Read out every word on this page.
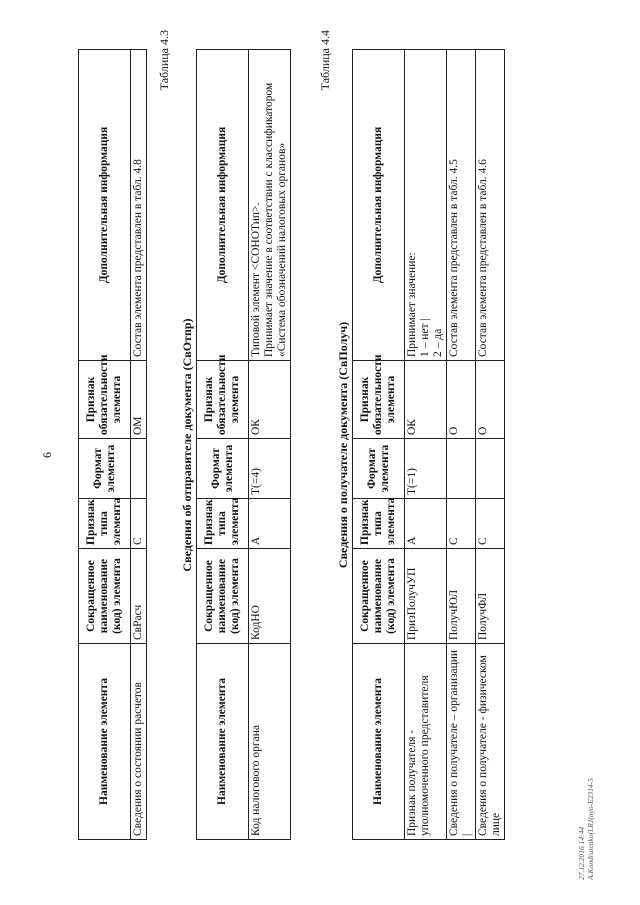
6
Наименование элемента	Сокращенное наименование (код) элемента	Признак типа элемента	Формат элемента	Признак обязательности элемента	Дополнительная информация
Сведения о состоянии расчетов	СвРасч	С		ОМ	Состав элемента представлен в табл. 4.8
Таблица 4.3
Сведения об отправителе документа (СвОтпр)
Наименование элемента	Сокращенное наименование (код) элемента	Признак типа элемента	Формат элемента	Признак обязательности элемента	Дополнительная информация
Код налогового органа	КодНО	А	T(=4)	ОК	Типовой элемент <СОНОТип>.
Принимает значение в соответствии с классификатором «Система обозначений налоговых органов»
Таблица 4.4
Сведения о получателе документа (СвПолуч)
Наименование элемента	Сокращенное наименование (код) элемента	Признак типа элемента	Формат элемента	Признак обязательности элемента	Дополнительная информация
Признак получателя - уполномоченного представителя	ПризПолучУП	А	T(=1)	ОК	Принимает значение:
1 – нет |
2 – да
Сведения о получателе – организации |	ПолучЮЛ	С		О	Состав элемента представлен в табл. 4.5
Сведения о получателе - физическом лице	ПолучФЛ	С		О	Состав элемента представлен в табл. 4.6
27.12.2016 14:44 A.Kondratenko(LRJ(nyo-E2314-5
